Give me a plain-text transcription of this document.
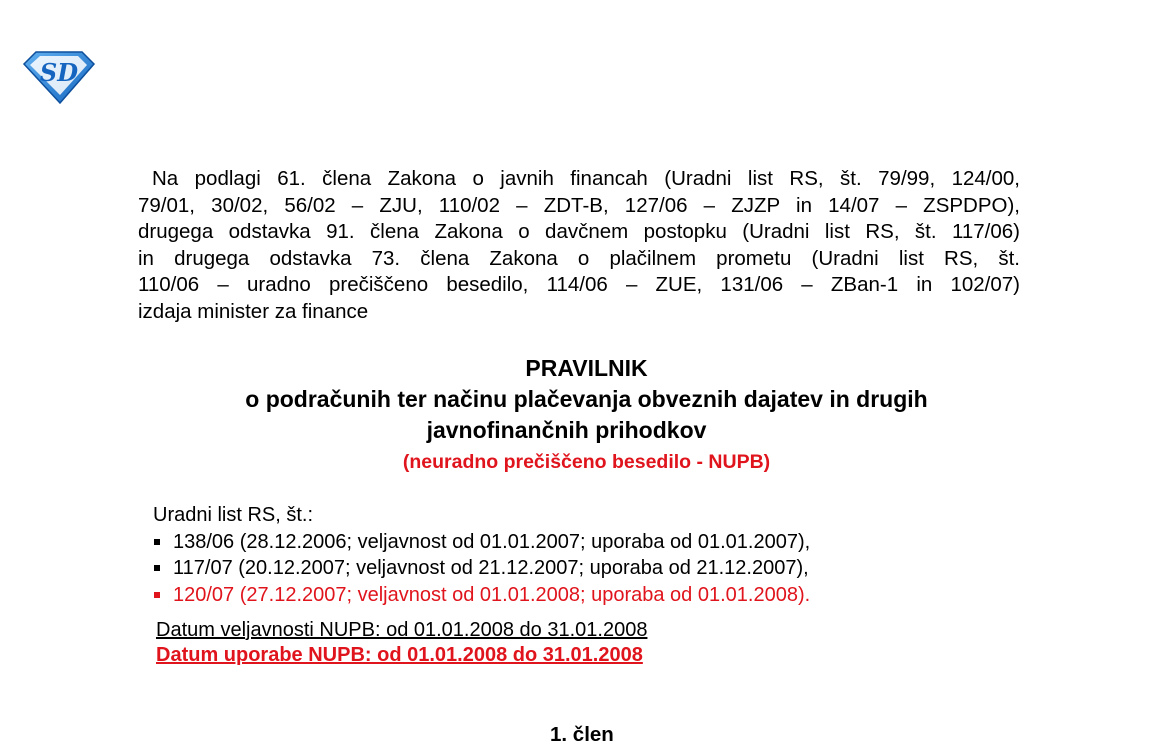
SD
Na podlagi 61. člena Zakona o javnih financah (Uradni list RS, št. 79/99, 124/00,
79/01, 30/02, 56/02 – ZJU, 110/02 – ZDT-B, 127/06 – ZJZP in 14/07 – ZSPDPO),
drugega odstavka 91. člena Zakona o davčnem postopku (Uradni list RS, št. 117/06)
in drugega odstavka 73. člena Zakona o plačilnem prometu (Uradni list RS, št.
110/06 – uradno prečiščeno besedilo, 114/06 – ZUE, 131/06 – ZBan-1 in 102/07)
izdaja minister za finance
PRAVILNIK
o podračunih ter načinu plačevanja obveznih dajatev in drugih
javnofinančnih prihodkov
(neuradno prečiščeno besedilo - NUPB)
Uradni list RS, št.:
138/06 (28.12.2006; veljavnost od 01.01.2007; uporaba od 01.01.2007),
117/07 (20.12.2007; veljavnost od 21.12.2007; uporaba od 21.12.2007),
120/07 (27.12.2007; veljavnost od 01.01.2008; uporaba od 01.01.2008).
Datum veljavnosti NUPB: od 01.01.2008 do 31.01.2008
Datum uporabe NUPB: od 01.01.2008 do 31.01.2008
1. člen
